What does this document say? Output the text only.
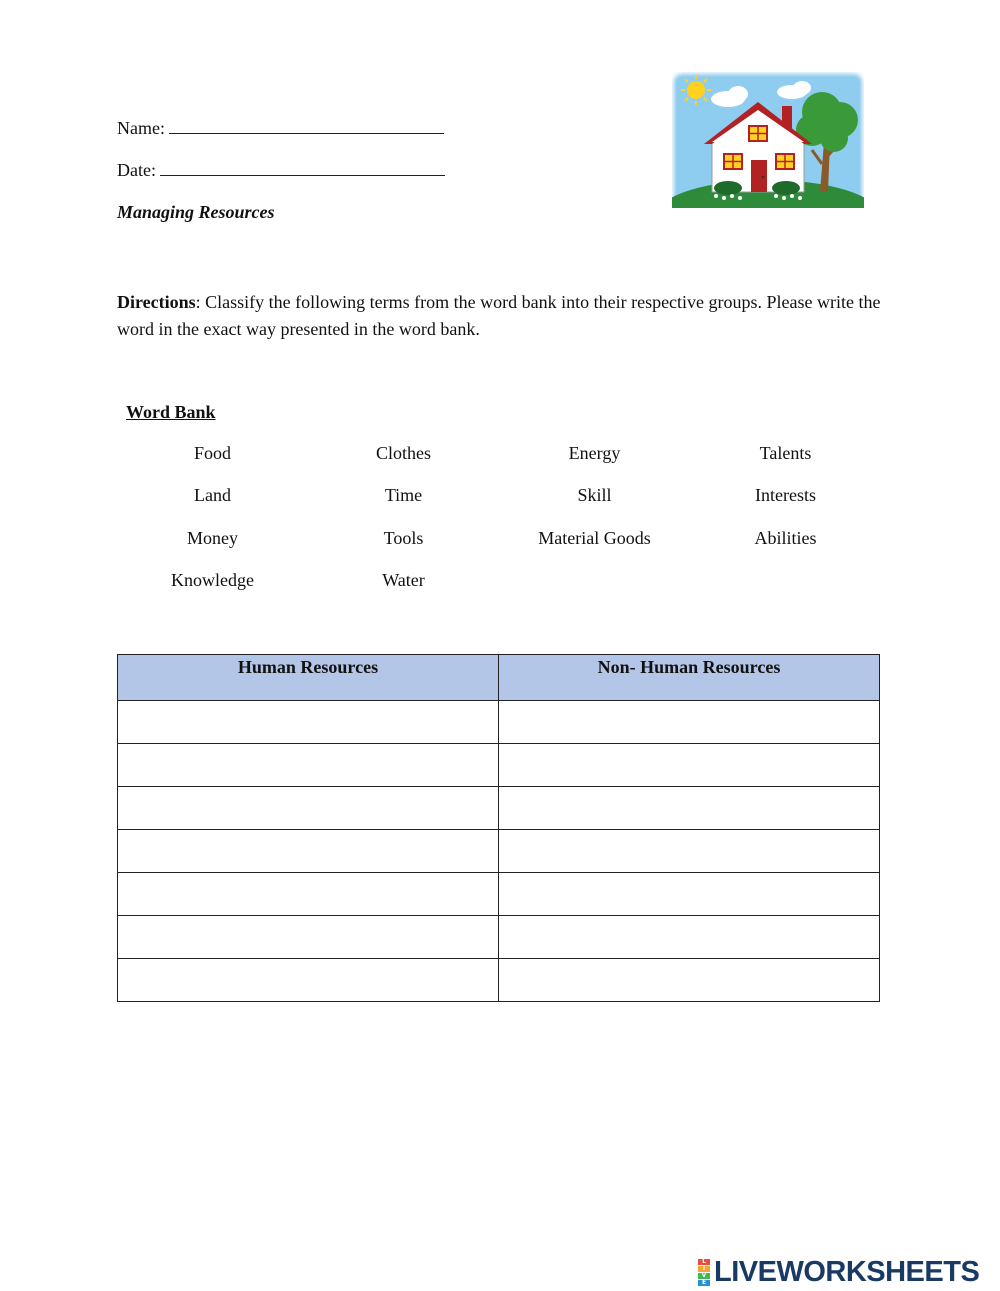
Name:
Date:
Managing Resources
Directions: Classify the following terms from the word bank into their respective groups. Please write the word in the exact way presented in the word bank.
Word Bank
Food	Clothes	Energy	Talents
Land	Time	Skill	Interests
Money	Tools	Material Goods	Abilities
Knowledge	Water
Human Resources	Non- Human Resources

L
I
V
E LIVEWORKSHEETS
